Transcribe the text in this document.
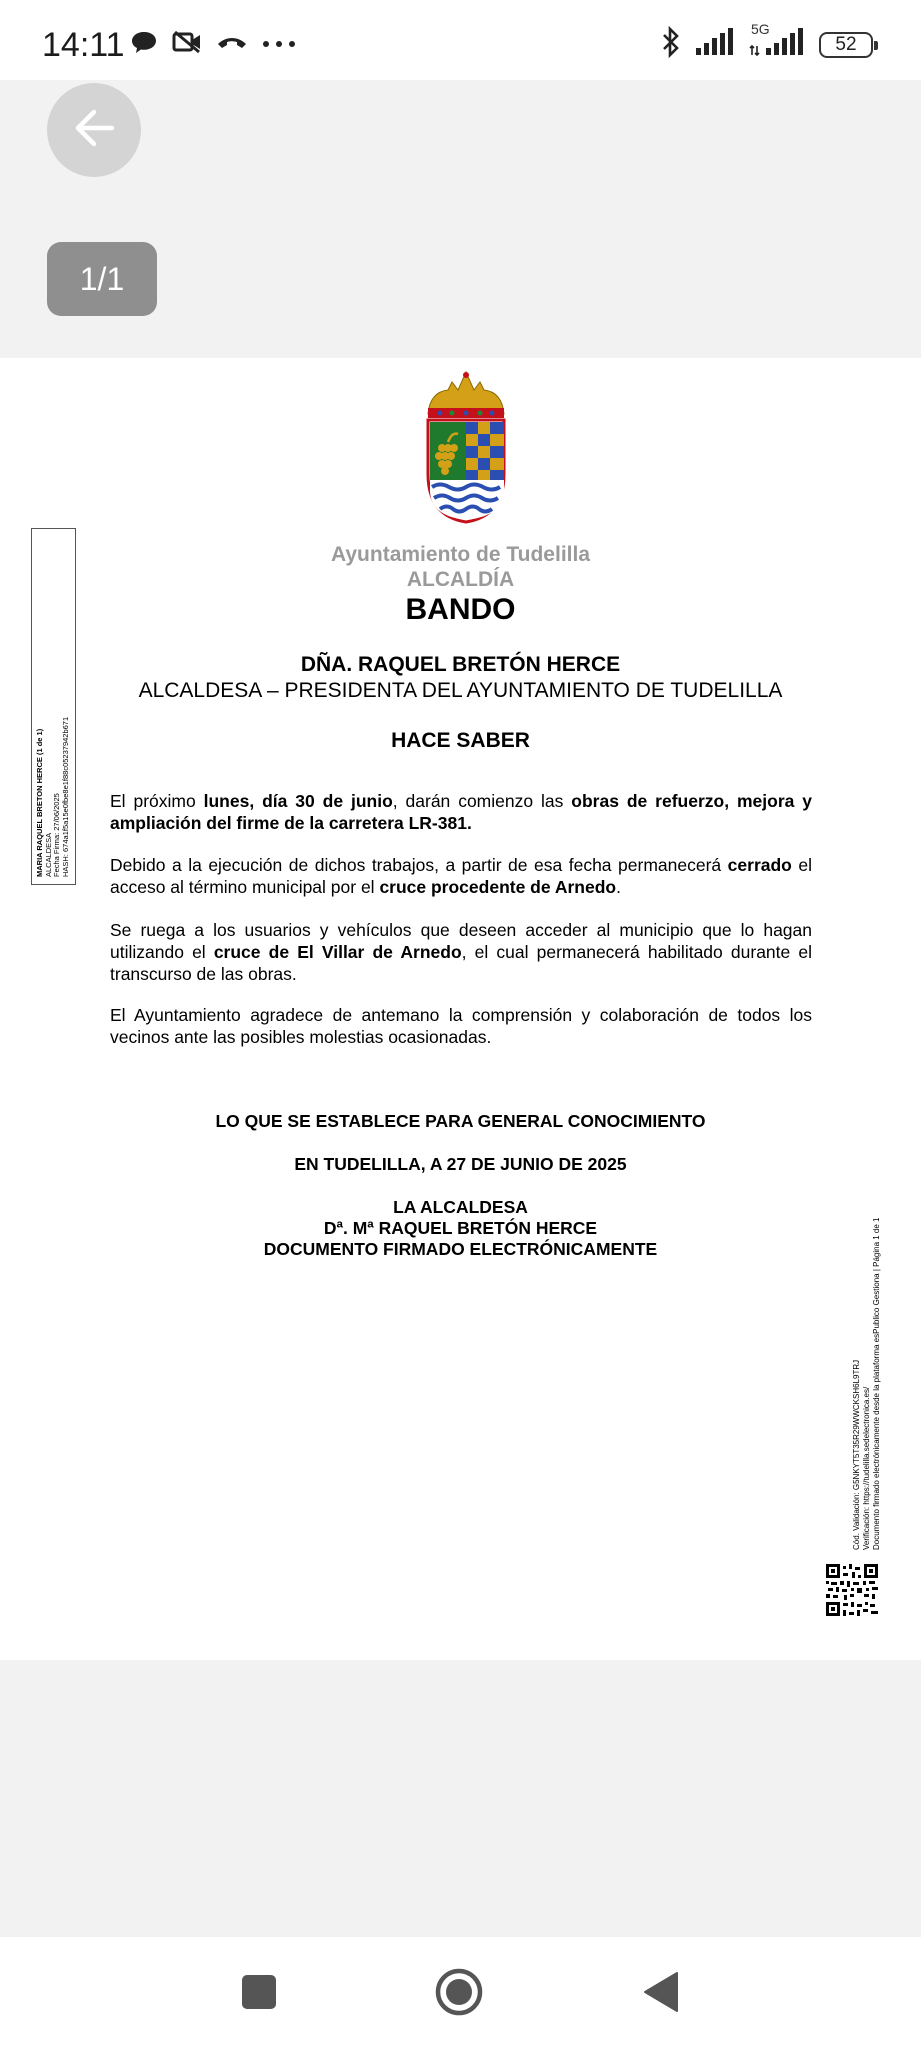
14:11	5G
52
1/1
Ayuntamiento de Tudelilla
ALCALDÍA
BANDO
DÑA. RAQUEL BRETÓN HERCE
ALCALDESA – PRESIDENTA DEL AYUNTAMIENTO DE TUDELILLA
HACE SABER

El próximo lunes, día 30 de junio, darán comienzo las obras de refuerzo, mejora y ampliación del firme de la carretera LR-381.

Debido a la ejecución de dichos trabajos, a partir de esa fecha permanecerá cerrado el acceso al término municipal por el cruce procedente de Arnedo.

Se ruega a los usuarios y vehículos que deseen acceder al municipio que lo hagan utilizando el cruce de El Villar de Arnedo, el cual permanecerá habilitado durante el transcurso de las obras.

El Ayuntamiento agradece de antemano la comprensión y colaboración de todos los vecinos ante las posibles molestias ocasionadas.

LO QUE SE ESTABLECE PARA GENERAL CONOCIMIENTO
EN TUDELILLA, A 27 DE JUNIO DE 2025
LA ALCALDESA
Dª. Mª RAQUEL BRETÓN HERCE
DOCUMENTO FIRMADO ELECTRÓNICAMENTE
MARIA RAQUEL BRETON HERCE (1 de 1) ALCALDESA Fecha Firma: 27/06/2025 HASH: 674a1f5a15e0fbe8e1f88c05237942b671
Cód. Validación: G5NKYT5T35R29WWCKSH6L9TRJ Verificación: https://tudelilla.sedelectronica.es/ Documento firmado electrónicamente desde la plataforma esPublico Gestiona | Página 1 de 1
